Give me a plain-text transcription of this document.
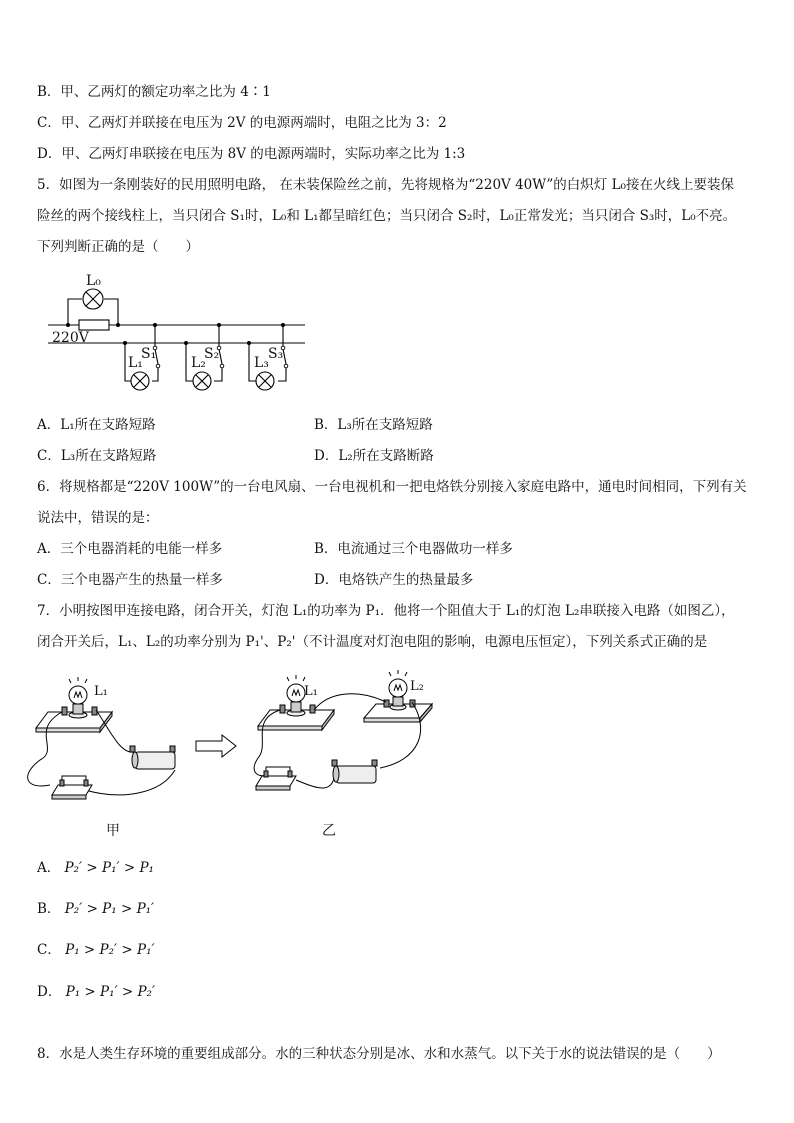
B．甲、乙两灯的额定功率之比为 4∶1
C．甲、乙两灯并联接在电压为 2V 的电源两端时，电阻之比为 3：2
D．甲、乙两灯串联接在电压为 8V 的电源两端时，实际功率之比为 1:3
5．如图为一条刚装好的民用照明电路， 在未装保险丝之前，先将规格为“220V 40W”的白炽灯 L₀接在火线上要装保
险丝的两个接线柱上，当只闭合 S₁时，L₀和 L₁都呈暗红色；当只闭合 S₂时，L₀正常发光；当只闭合 S₃时，L₀不亮。
下列判断正确的是（　　）
L₀
220V
S₁	S₂	S₃
L₁	L₂	L₃
A．L₁所在支路短路	B．L₃所在支路短路
C．L₃所在支路短路	D．L₂所在支路断路
6．将规格都是“220V 100W”的一台电风扇、一台电视机和一把电烙铁分别接入家庭电路中，通电时间相同，下列有关
说法中，错误的是：
A．三个电器消耗的电能一样多	B．电流通过三个电器做功一样多
C．三个电器产生的热量一样多	D．电烙铁产生的热量最多
7．小明按图甲连接电路，闭合开关，灯泡 L₁的功率为 P₁．他将一个阻值大于 L₁的灯泡 L₂串联接入电路（如图乙），
闭合开关后，L₁、L₂的功率分别为 P₁'、P₂'（不计温度对灯泡电阻的影响，电源电压恒定），下列关系式正确的是
L₁	L₁	L₂
甲	乙
A． P₂′ > P₁′ > P₁
B． P₂′ > P₁ > P₁′
C． P₁ > P₂′ > P₁′
D． P₁ > P₁′ > P₂′
8．水是人类生存环境的重要组成部分。水的三种状态分别是冰、水和水蒸气。以下关于水的说法错误的是（　　）
